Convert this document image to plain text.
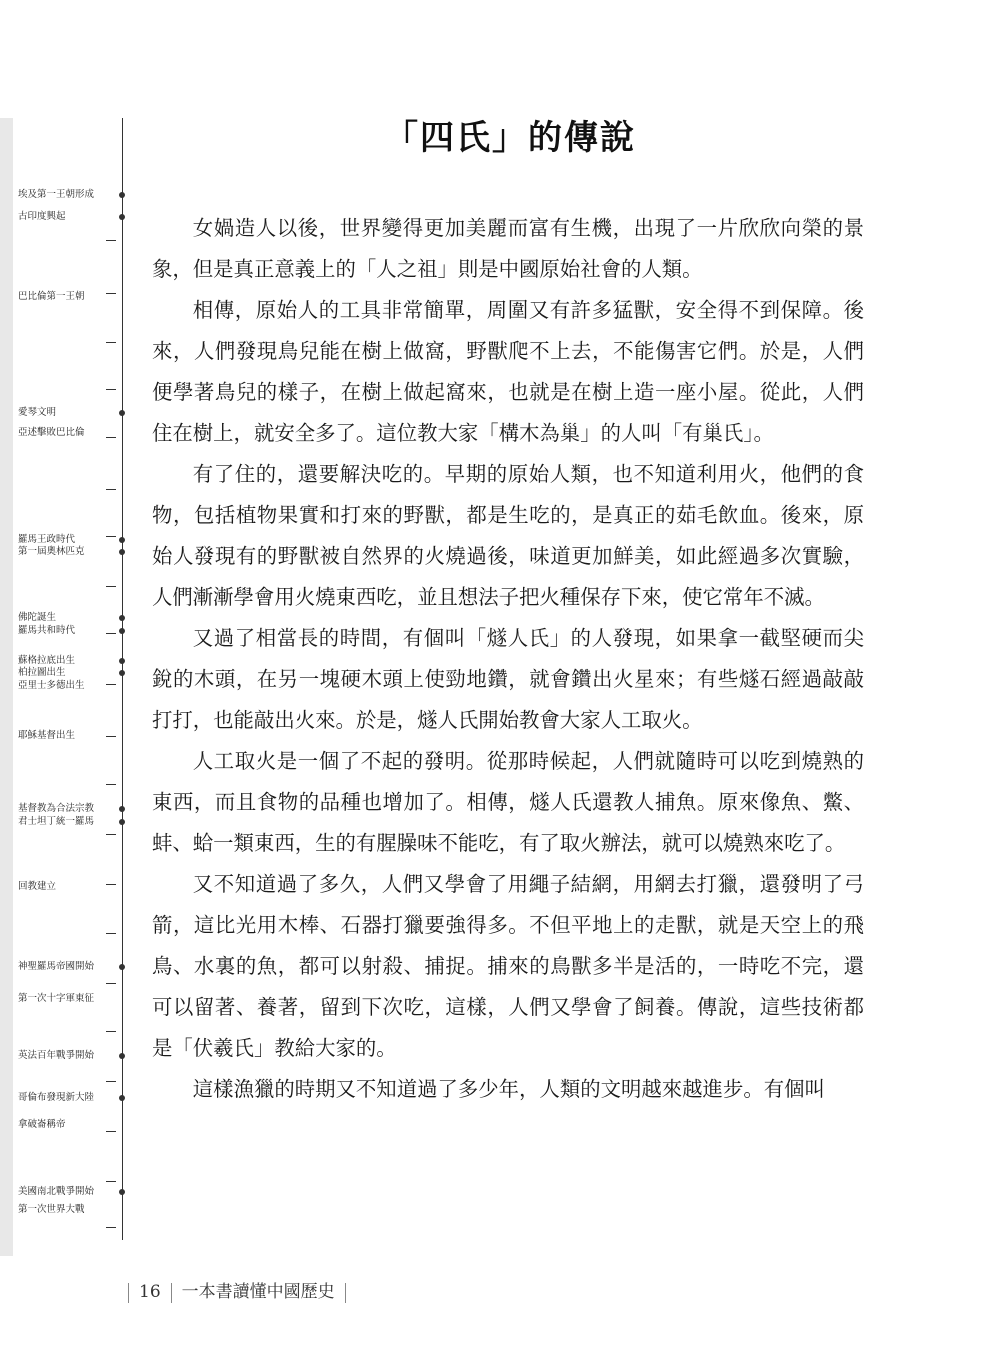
埃及第一王朝形成
古印度興起
巴比倫第一王朝
愛琴文明
亞述擊敗巴比倫
羅馬王政時代
第一屆奧林匹克
佛陀誕生
羅馬共和時代
蘇格拉底出生
柏拉圖出生
亞里士多德出生
耶穌基督出生
基督教為合法宗教
君士坦丁統一羅馬
回教建立
神聖羅馬帝國開始
第一次十字軍東征
英法百年戰爭開始
哥倫布發現新大陸
拿破崙稱帝
美國南北戰爭開始
第一次世界大戰
「四氏」的傳說

女媧造人以後，世界變得更加美麗而富有生機，出現了一片欣欣向榮的景象，但是真正意義上的「人之祖」則是中國原始社會的人類。

相傳，原始人的工具非常簡單，周圍又有許多猛獸，安全得不到保障。後來，人們發現鳥兒能在樹上做窩，野獸爬不上去，不能傷害它們。於是，人們便學著鳥兒的樣子，在樹上做起窩來，也就是在樹上造一座小屋。從此，人們住在樹上，就安全多了。這位教大家「構木為巢」的人叫「有巢氏」。

有了住的，還要解決吃的。早期的原始人類，也不知道利用火，他們的食物，包括植物果實和打來的野獸，都是生吃的，是真正的茹毛飲血。後來，原始人發現有的野獸被自然界的火燒過後，味道更加鮮美，如此經過多次實驗，人們漸漸學會用火燒東西吃，並且想法子把火種保存下來，使它常年不滅。

又過了相當長的時間，有個叫「燧人氏」的人發現，如果拿一截堅硬而尖銳的木頭，在另一塊硬木頭上使勁地鑽，就會鑽出火星來；有些燧石經過敲敲打打，也能敲出火來。於是，燧人氏開始教會大家人工取火。

人工取火是一個了不起的發明。從那時候起，人們就隨時可以吃到燒熟的東西，而且食物的品種也增加了。相傳，燧人氏還教人捕魚。原來像魚、鱉、蚌、蛤一類東西，生的有腥臊味不能吃，有了取火辦法，就可以燒熟來吃了。

又不知道過了多久，人們又學會了用繩子結網，用網去打獵，還發明了弓箭，這比光用木棒、石器打獵要強得多。不但平地上的走獸，就是天空上的飛鳥、水裏的魚，都可以射殺、捕捉。捕來的鳥獸多半是活的，一時吃不完，還可以留著、養著，留到下次吃，這樣，人們又學會了飼養。傳說，這些技術都是「伏羲氏」教給大家的。

這樣漁獵的時期又不知道過了多少年，人類的文明越來越進步。有個叫

16 一本書讀懂中國歷史
